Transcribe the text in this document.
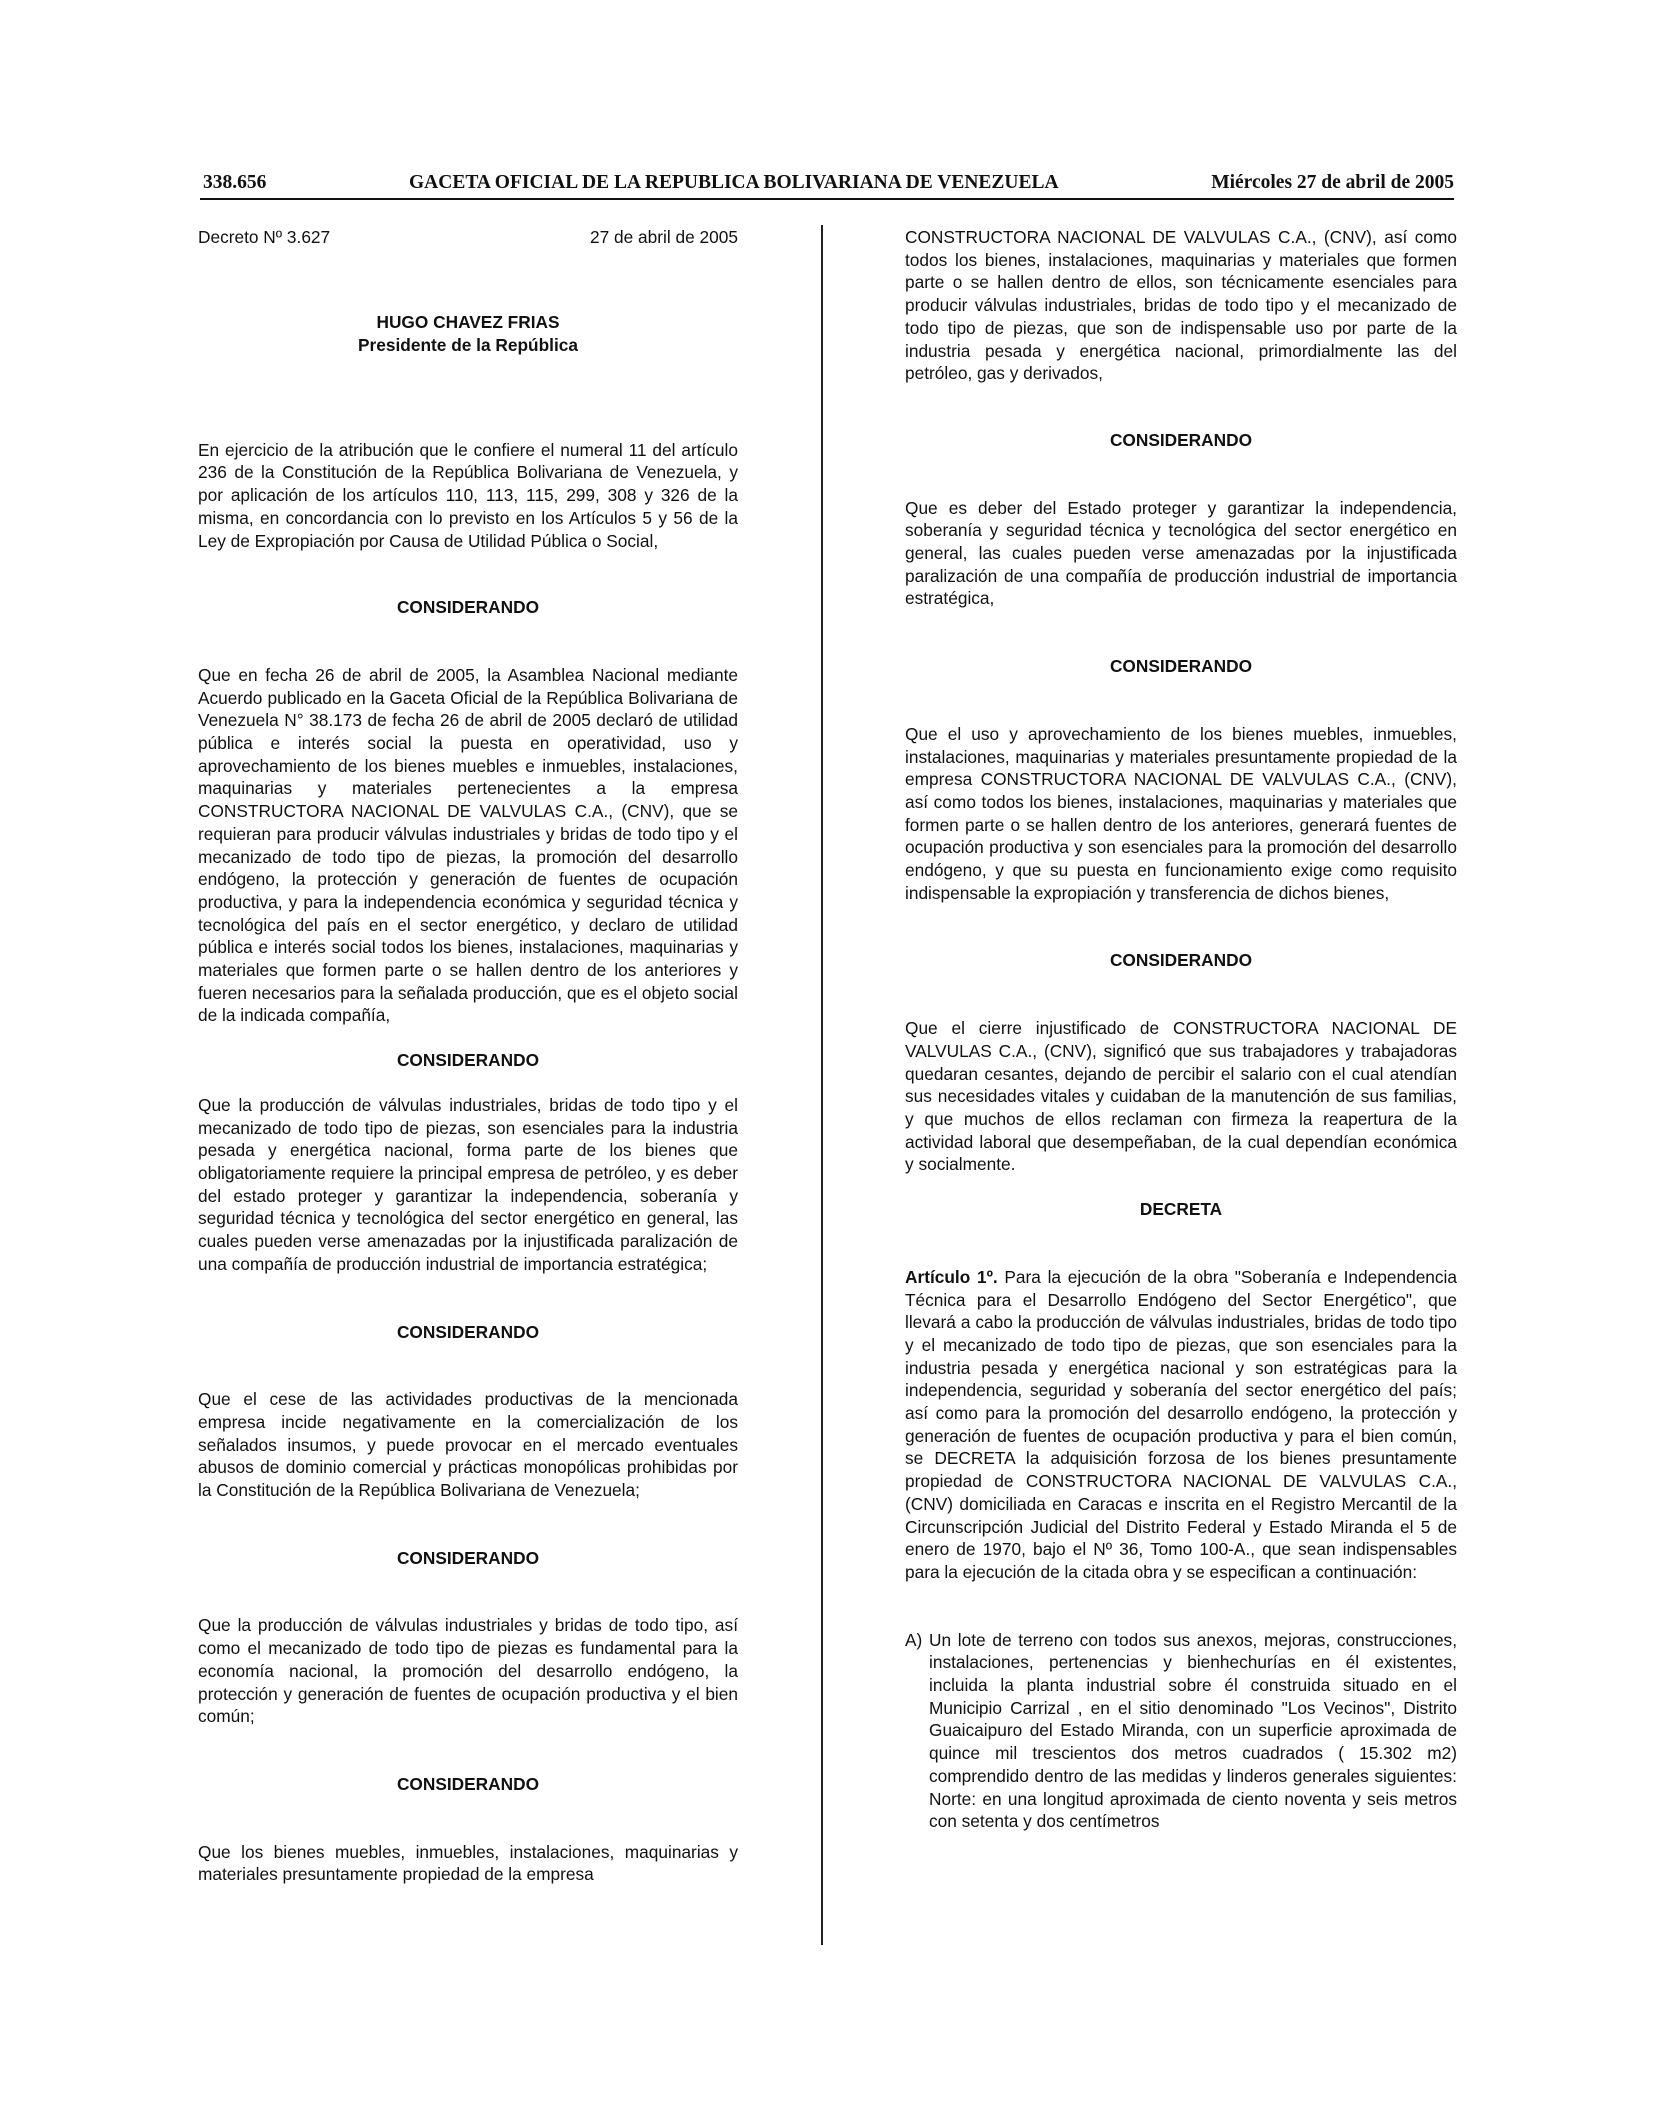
338.656	GACETA OFICIAL DE LA REPUBLICA BOLIVARIANA DE VENEZUELA	Miércoles 27 de abril de 2005
Decreto Nº 3.627	27 de abril de 2005
HUGO CHAVEZ FRIAS
Presidente de la República

En ejercicio de la atribución que le confiere el numeral 11 del artículo 236 de la Constitución de la República Bolivariana de Venezuela, y por aplicación de los artículos 110, 113, 115, 299, 308 y 326 de la misma, en concordancia con lo previsto en los Artículos 5 y 56 de la Ley de Expropiación por Causa de Utilidad Pública o Social,

CONSIDERANDO

Que en fecha 26 de abril de 2005, la Asamblea Nacional mediante Acuerdo publicado en la Gaceta Oficial de la República Bolivariana de Venezuela N° 38.173 de fecha 26 de abril de 2005 declaró de utilidad pública e interés social la puesta en operatividad, uso y aprovechamiento de los bienes muebles e inmuebles, instalaciones, maquinarias y materiales pertenecientes a la empresa CONSTRUCTORA NACIONAL DE VALVULAS C.A., (CNV), que se requieran para producir válvulas industriales y bridas de todo tipo y el mecanizado de todo tipo de piezas, la promoción del desarrollo endógeno, la protección y generación de fuentes de ocupación productiva, y para la independencia económica y seguridad técnica y tecnológica del país en el sector energético, y declaro de utilidad pública e interés social todos los bienes, instalaciones, maquinarias y materiales que formen parte o se hallen dentro de los anteriores y fueren necesarios para la señalada producción, que es el objeto social de la indicada compañía,

CONSIDERANDO

Que la producción de válvulas industriales, bridas de todo tipo y el mecanizado de todo tipo de piezas, son esenciales para la industria pesada y energética nacional, forma parte de los bienes que obligatoriamente requiere la principal empresa de petróleo, y es deber del estado proteger y garantizar la independencia, soberanía y seguridad técnica y tecnológica del sector energético en general, las cuales pueden verse amenazadas por la injustificada paralización de una compañía de producción industrial de importancia estratégica;

CONSIDERANDO

Que el cese de las actividades productivas de la mencionada empresa incide negativamente en la comercialización de los señalados insumos, y puede provocar en el mercado eventuales abusos de dominio comercial y prácticas monopólicas prohibidas por la Constitución de la República Bolivariana de Venezuela;

CONSIDERANDO

Que la producción de válvulas industriales y bridas de todo tipo, así como el mecanizado de todo tipo de piezas es fundamental para la economía nacional, la promoción del desarrollo endógeno, la protección y generación de fuentes de ocupación productiva y el bien común;

CONSIDERANDO

Que los bienes muebles, inmuebles, instalaciones, maquinarias y materiales presuntamente propiedad de la empresa

CONSTRUCTORA NACIONAL DE VALVULAS C.A., (CNV), así como todos los bienes, instalaciones, maquinarias y materiales que formen parte o se hallen dentro de ellos, son técnicamente esenciales para producir válvulas industriales, bridas de todo tipo y el mecanizado de todo tipo de piezas, que son de indispensable uso por parte de la industria pesada y energética nacional, primordialmente las del petróleo, gas y derivados,

CONSIDERANDO

Que es deber del Estado proteger y garantizar la independencia, soberanía y seguridad técnica y tecnológica del sector energético en general, las cuales pueden verse amenazadas por la injustificada paralización de una compañía de producción industrial de importancia estratégica,

CONSIDERANDO

Que el uso y aprovechamiento de los bienes muebles, inmuebles, instalaciones, maquinarias y materiales presuntamente propiedad de la empresa CONSTRUCTORA NACIONAL DE VALVULAS C.A., (CNV), así como todos los bienes, instalaciones, maquinarias y materiales que formen parte o se hallen dentro de los anteriores, generará fuentes de ocupación productiva y son esenciales para la promoción del desarrollo endógeno, y que su puesta en funcionamiento exige como requisito indispensable la expropiación y transferencia de dichos bienes,

CONSIDERANDO

Que el cierre injustificado de CONSTRUCTORA NACIONAL DE VALVULAS C.A., (CNV), significó que sus trabajadores y trabajadoras quedaran cesantes, dejando de percibir el salario con el cual atendían sus necesidades vitales y cuidaban de la manutención de sus familias, y que muchos de ellos reclaman con firmeza la reapertura de la actividad laboral que desempeñaban, de la cual dependían económica y socialmente.

DECRETA

Artículo 1º. Para la ejecución de la obra "Soberanía e Independencia Técnica para el Desarrollo Endógeno del Sector Energético", que llevará a cabo la producción de válvulas industriales, bridas de todo tipo y el mecanizado de todo tipo de piezas, que son esenciales para la industria pesada y energética nacional y son estratégicas para la independencia, seguridad y soberanía del sector energético del país; así como para la promoción del desarrollo endógeno, la protección y generación de fuentes de ocupación productiva y para el bien común, se DECRETA la adquisición forzosa de los bienes presuntamente propiedad de CONSTRUCTORA NACIONAL DE VALVULAS C.A., (CNV) domiciliada en Caracas e inscrita en el Registro Mercantil de la Circunscripción Judicial del Distrito Federal y Estado Miranda el 5 de enero de 1970, bajo el Nº 36, Tomo 100-A., que sean indispensables para la ejecución de la citada obra y se especifican a continuación:

A) Un lote de terreno con todos sus anexos, mejoras, construcciones, instalaciones, pertenencias y bienhechurías en él existentes, incluida la planta industrial sobre él construida situado en el Municipio Carrizal , en el sitio denominado "Los Vecinos", Distrito Guaicaipuro del Estado Miranda, con un superficie aproximada de quince mil trescientos dos metros cuadrados ( 15.302 m2) comprendido dentro de las medidas y linderos generales siguientes: Norte: en una longitud aproximada de ciento noventa y seis metros con setenta y dos centímetros
